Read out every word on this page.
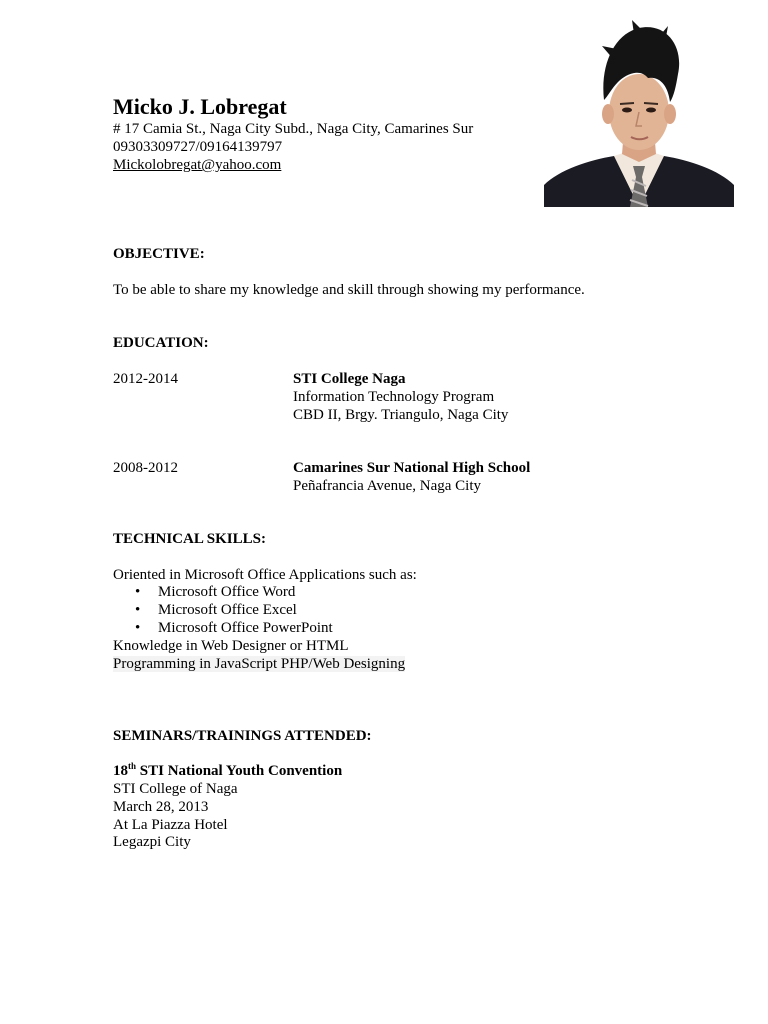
Micko J. Lobregat
# 17 Camia St., Naga City Subd., Naga City, Camarines Sur
09303309727/09164139797
Mickolobregat@yahoo.com
OBJECTIVE:
To be able to share my knowledge and skill through showing my performance.
EDUCATION:
2012-2014	STI College Naga
Information Technology Program
CBD II, Brgy. Triangulo, Naga City
2008-2012	Camarines Sur National High School
Peñafrancia Avenue, Naga City
TECHNICAL SKILLS:
Oriented in Microsoft Office Applications such as:
• Microsoft Office Word
• Microsoft Office Excel
• Microsoft Office PowerPoint
Knowledge in Web Designer or HTML
Programming in JavaScript PHP/Web Designing
SEMINARS/TRAININGS ATTENDED:
18th STI National Youth Convention
STI College of Naga
March 28, 2013
At La Piazza Hotel
Legazpi City
